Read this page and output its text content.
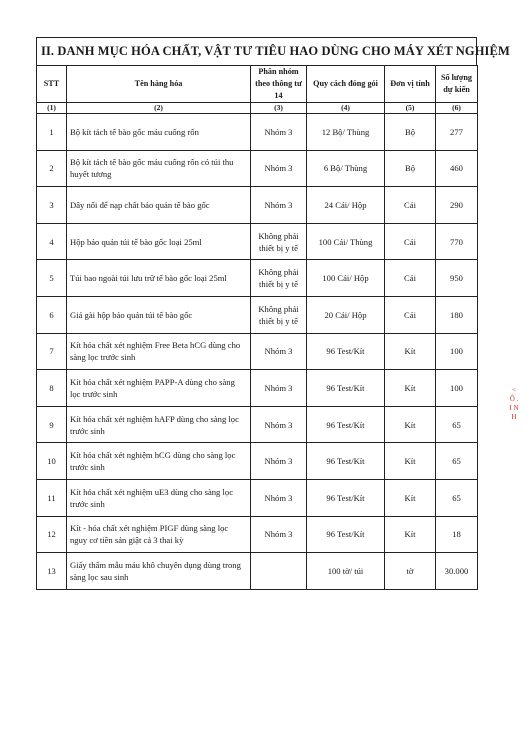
II. DANH MỤC HÓA CHẤT, VẬT TƯ TIÊU HAO DÙNG CHO MÁY XÉT NGHIỆM
STT	Tên hàng hóa	Phân nhóm theo thông tư 14	Quy cách đóng gói	Đơn vị tính	Số lượng dự kiến
(1)	(2)	(3)	(4)	(5)	(6)
1	Bộ kít tách tế bào gốc máu cuống rốn	Nhóm 3	12 Bộ/ Thùng	Bộ	277
2	Bộ kít tách tế bào gốc máu cuống rốn có túi thu huyết tương	Nhóm 3	6 Bộ/ Thùng	Bộ	460
3	Dây nối để nạp chất bảo quản tế bào gốc	Nhóm 3	24 Cái/ Hộp	Cái	290
4	Hộp bảo quản túi tế bào gốc loại 25ml	Không phải thiết bị y tế	100 Cái/ Thùng	Cái	770
5	Túi bao ngoài túi lưu trữ tế bào gốc loại 25ml	Không phải thiết bị y tế	100 Cái/ Hộp	Cái	950
6	Giá gài hộp bảo quản túi tế bào gốc	Không phải thiết bị y tế	20 Cái/ Hộp	Cái	180
7	Kít hóa chất xét nghiệm Free Beta hCG dùng cho sàng lọc trước sinh	Nhóm 3	96 Test/Kít	Kít	100
8	Kít hóa chất xét nghiệm PAPP-A dùng cho sàng lọc trước sinh	Nhóm 3	96 Test/Kít	Kít	100
9	Kít hóa chất xét nghiệm hAFP dùng cho sàng lọc trước sinh	Nhóm 3	96 Test/Kít	Kít	65
10	Kít hóa chất xét nghiệm hCG dùng cho sàng lọc trước sinh	Nhóm 3	96 Test/Kít	Kít	65
11	Kít hóa chất xét nghiệm uE3 dùng cho sàng lọc trước sinh	Nhóm 3	96 Test/Kít	Kít	65
12	Kít - hóa chất xét nghiệm PIGF dùng sàng lọc nguy cơ tiền sản giật cả 3 thai kỳ	Nhóm 3	96 Test/Kít	Kít	18
13	Giấy thấm mẫu máu khô chuyên dụng dùng trong sàng lọc sau sinh		100 tờ/ túi	tờ	30.000
< Ô . I N H
